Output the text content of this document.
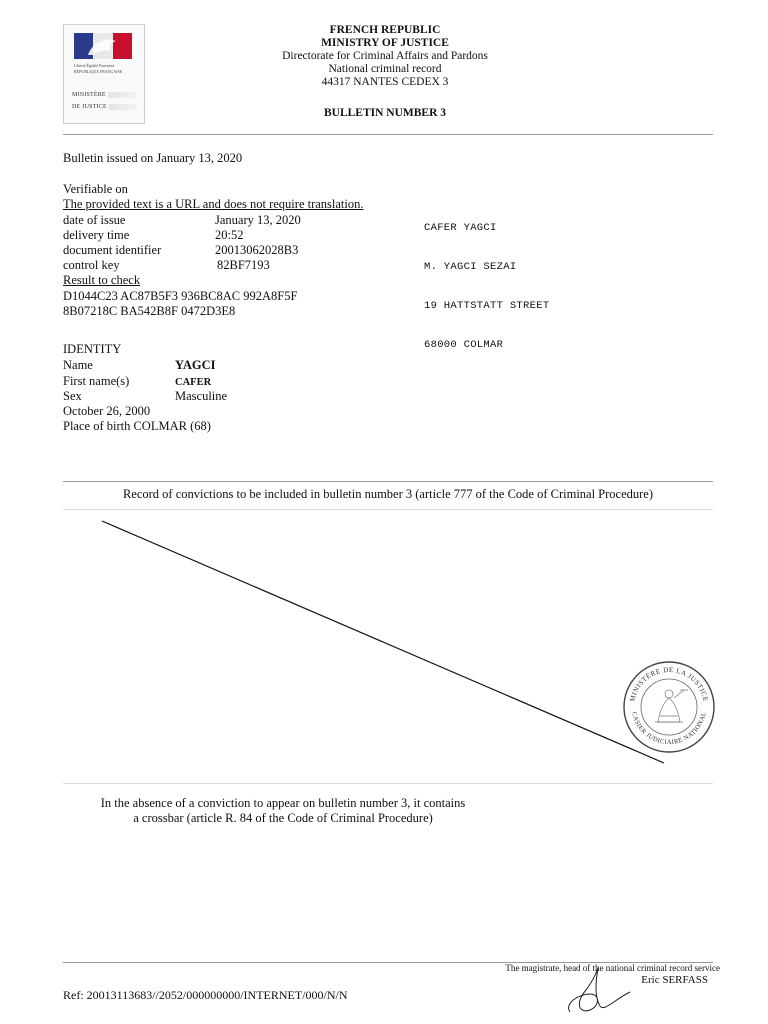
Liberté Égalité Fraternité
RÉPUBLIQUE FRANÇAISE
MINISTÈRE
DE JUSTICE
FRENCH REPUBLIC
MINISTRY OF JUSTICE
Directorate for Criminal Affairs and Pardons
National criminal record
44317 NANTES CEDEX 3
BULLETIN NUMBER 3
Bulletin issued on January 13, 2020
Verifiable on
The provided text is a URL and does not require translation.
date of issue	January 13, 2020
delivery time	20:52
document identifier	20013062028B3
control key	82BF7193
Result to check
D1044C23 AC87B5F3 936BC8AC 992A8F5F
8B07218C BA542B8F 0472D3E8

CAFER YAGCI

M. YAGCI SEZAI

19 HATTSTATT STREET

68000 COLMAR

IDENTITY
Name	YAGCI
First name(s)	CAFER
Sex	Masculine
October 26, 2000
Place of birth COLMAR (68)
Record of convictions to be included in bulletin number 3 (article 777 of the Code of Criminal Procedure)
MINISTÈRE DE LA JUSTICE
CASIER JUDICIAIRE NATIONAL
In the absence of a conviction to appear on bulletin number 3, it contains
a crossbar (article R. 84 of the Code of Criminal Procedure)
The magistrate, head of the national criminal record service
Eric SERFASS
Ref: 20013113683//2052/000000000/INTERNET/000/N/N
